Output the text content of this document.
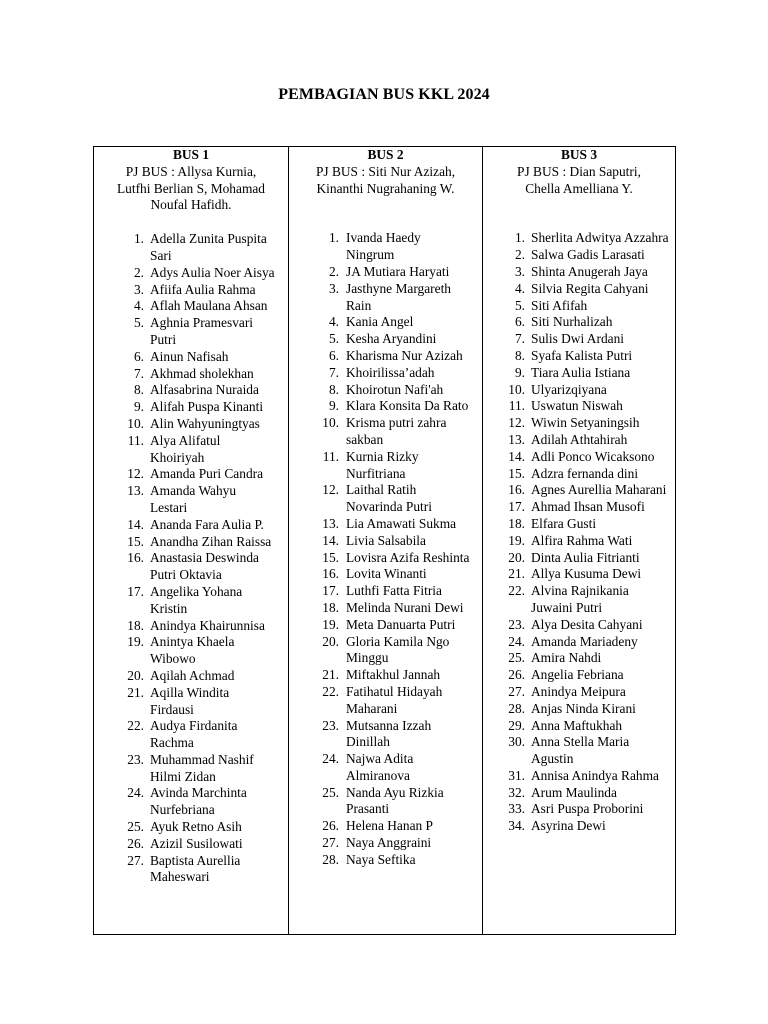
PEMBAGIAN BUS KKL 2024
BUS 1
PJ BUS : Allysa Kurnia,
Lutfhi Berlian S, Mohamad
Noufal Hafidh.
1. Adella Zunita Puspita Sari
2. Adys Aulia Noer Aisya
3. Afiifa Aulia Rahma
4. Aflah Maulana Ahsan
5. Aghnia Pramesvari Putri
6. Ainun Nafisah
7. Akhmad sholekhan
8. Alfasabrina Nuraida
9. Alifah Puspa Kinanti
10. Alin Wahyuningtyas
11. Alya Alifatul Khoiriyah
12. Amanda Puri Candra
13. Amanda Wahyu Lestari
14. Ananda Fara Aulia P.
15. Anandha Zihan Raissa
16. Anastasia Deswinda Putri Oktavia
17. Angelika Yohana Kristin
18. Anindya Khairunnisa
19. Anintya Khaela Wibowo
20. Aqilah Achmad
21. Aqilla Windita Firdausi
22. Audya Firdanita Rachma
23. Muhammad Nashif Hilmi Zidan
24. Avinda Marchinta Nurfebriana
25. Ayuk Retno Asih
26. Azizil Susilowati
27. Baptista Aurellia Maheswari
BUS 2
PJ BUS : Siti Nur Azizah,
Kinanthi Nugrahaning W.
1. Ivanda Haedy Ningrum
2. JA Mutiara Haryati
3. Jasthyne Margareth Rain
4. Kania Angel
5. Kesha Aryandini
6. Kharisma Nur Azizah
7. Khoirilissa’adah
8. Khoirotun Nafi'ah
9. Klara Konsita Da Rato
10. Krisma putri zahra sakban
11. Kurnia Rizky Nurfitriana
12. Laithal Ratih Novarinda Putri
13. Lia Amawati Sukma
14. Livia Salsabila
15. Lovisra Azifa Reshinta
16. Lovita Winanti
17. Luthfi Fatta Fitria
18. Melinda Nurani Dewi
19. Meta Danuarta Putri
20. Gloria Kamila Ngo Minggu
21. Miftakhul Jannah
22. Fatihatul Hidayah Maharani
23. Mutsanna Izzah Dinillah
24. Najwa Adita Almiranova
25. Nanda Ayu Rizkia Prasanti
26. Helena Hanan P
27. Naya Anggraini
28. Naya Seftika
BUS 3
PJ BUS : Dian Saputri,
Chella Amelliana Y.
1. Sherlita Adwitya Azzahra
2. Salwa Gadis Larasati
3. Shinta Anugerah Jaya
4. Silvia Regita Cahyani
5. Siti Afifah
6. Siti Nurhalizah
7. Sulis Dwi Ardani
8. Syafa Kalista Putri
9. Tiara Aulia Istiana
10. Ulyarizqiyana
11. Uswatun Niswah
12. Wiwin Setyaningsih
13. Adilah Athtahirah
14. Adli Ponco Wicaksono
15. Adzra fernanda dini
16. Agnes Aurellia Maharani
17. Ahmad Ihsan Musofi
18. Elfara Gusti
19. Alfira Rahma Wati
20. Dinta Aulia Fitrianti
21. Allya Kusuma Dewi
22. Alvina Rajnikania Juwaini Putri
23. Alya Desita Cahyani
24. Amanda Mariadeny
25. Amira Nahdi
26. Angelia Febriana
27. Anindya Meipura
28. Anjas Ninda Kirani
29. Anna Maftukhah
30. Anna Stella Maria Agustin
31. Annisa Anindya Rahma
32. Arum Maulinda
33. Asri Puspa Proborini
34. Asyrina Dewi
